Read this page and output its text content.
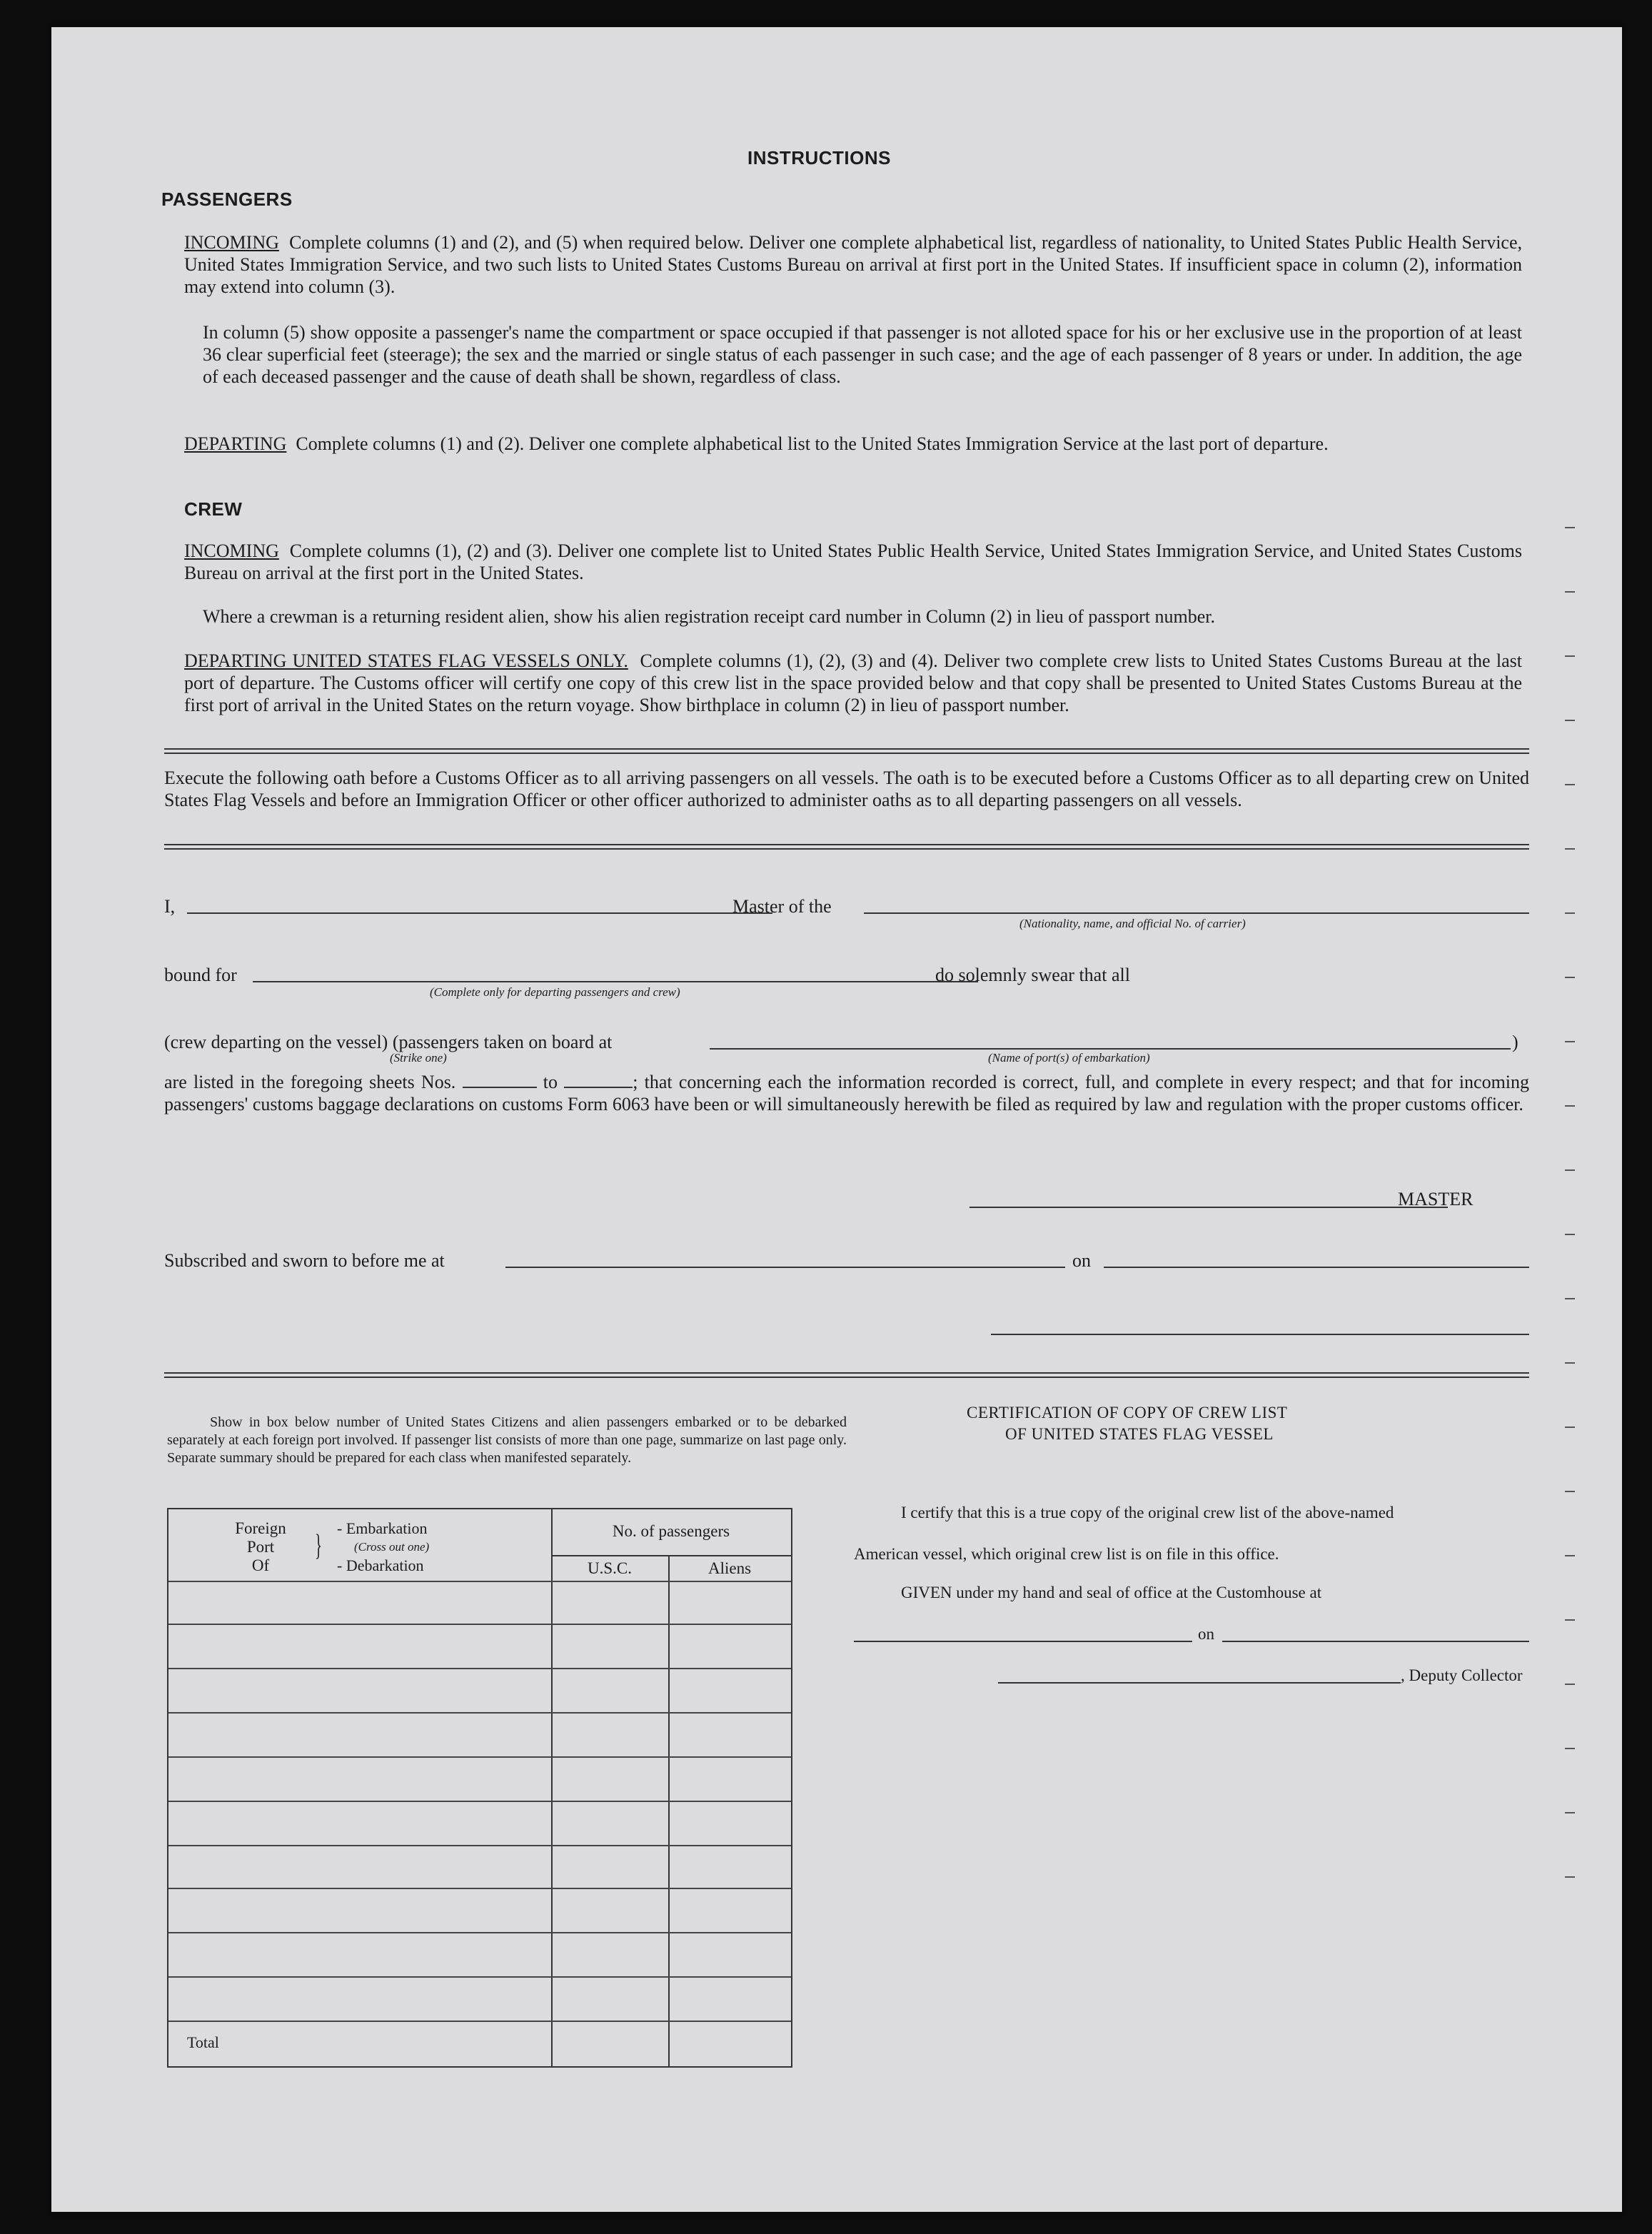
INSTRUCTIONS
PASSENGERS
INCOMING Complete columns (1) and (2), and (5) when required below. Deliver one complete alphabetical list, regardless of nationality, to United States Public Health Service, United States Immigration Service, and two such lists to United States Customs Bureau on arrival at first port in the United States. If insufficient space in column (2), information may extend into column (3).
In column (5) show opposite a passenger's name the compartment or space occupied if that passenger is not alloted space for his or her exclusive use in the proportion of at least 36 clear superficial feet (steerage); the sex and the married or single status of each passenger in such case; and the age of each passenger of 8 years or under. In addition, the age of each deceased passenger and the cause of death shall be shown, regardless of class.
DEPARTING Complete columns (1) and (2). Deliver one complete alphabetical list to the United States Immigration Service at the last port of departure.
CREW
INCOMING Complete columns (1), (2) and (3). Deliver one complete list to United States Public Health Service, United States Immigration Service, and United States Customs Bureau on arrival at the first port in the United States.
Where a crewman is a returning resident alien, show his alien registration receipt card number in Column (2) in lieu of passport number.
DEPARTING UNITED STATES FLAG VESSELS ONLY. Complete columns (1), (2), (3) and (4). Deliver two complete crew lists to United States Customs Bureau at the last port of departure. The Customs officer will certify one copy of this crew list in the space provided below and that copy shall be presented to United States Customs Bureau at the first port of arrival in the United States on the return voyage. Show birthplace in column (2) in lieu of passport number.
Execute the following oath before a Customs Officer as to all arriving passengers on all vessels. The oath is to be executed before a Customs Officer as to all departing crew on United States Flag Vessels and before an Immigration Officer or other officer authorized to administer oaths as to all departing passengers on all vessels.
I,	Master of the
(Nationality, name, and official No. of carrier)
bound for
(Complete only for departing passengers and crew)
do solemnly swear that all
(crew departing on the vessel) (passengers taken on board at	)
(Strike one)	(Name of port(s) of embarkation)
are listed in the foregoing sheets Nos.	to	; that concerning each the information recorded is correct, full, and complete in every respect; and that for incoming passengers' customs baggage declarations on customs Form 6063 have been or will simultaneously herewith be filed as required by law and regulation with the proper customs officer.
MASTER
Subscribed and sworn to before me at	on
Show in box below number of United States Citizens and alien passengers embarked or to be debarked separately at each foreign port involved. If passenger list consists of more than one page, summarize on last page only. Separate summary should be prepared for each class when manifested separately.
Foreign
Port
Of
}
- Embarkation
(Cross out one)
- Debarkation
No. of passengers
U.S.C.	Aliens
Total
CERTIFICATION OF COPY OF CREW LIST
OF UNITED STATES FLAG VESSEL
I certify that this is a true copy of the original crew list of the above-named
American vessel, which original crew list is on file in this office.
GIVEN under my hand and seal of office at the Customhouse at
on
, Deputy Collector
